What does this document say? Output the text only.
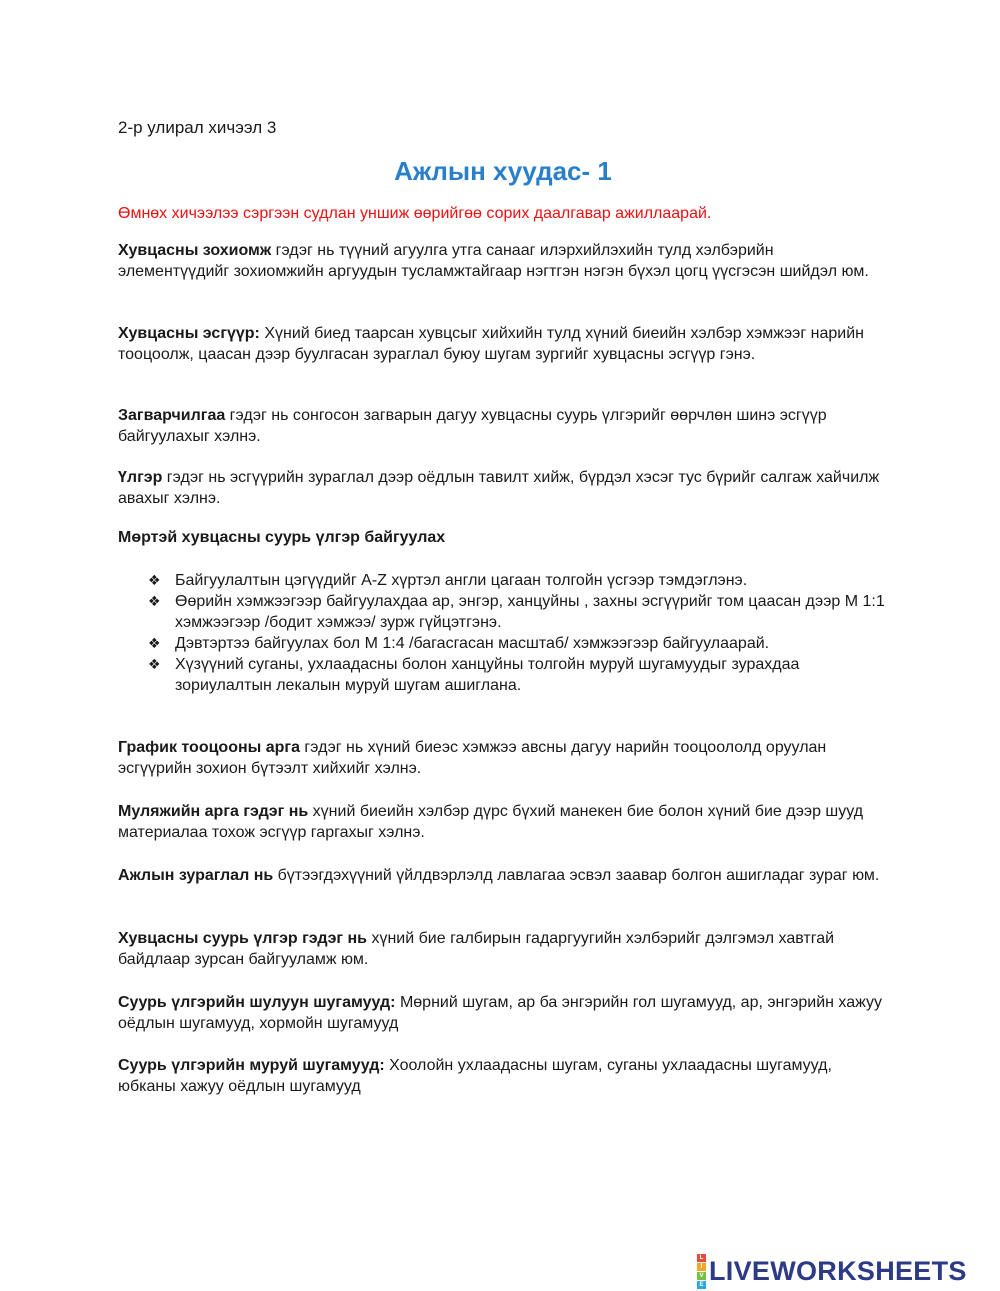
2-р улирал хичээл 3
Ажлын хуудас- 1
Өмнөх хичээлээ сэргээн судлан уншиж өөрийгөө сорих даалгавар ажиллаарай.
Хувцасны зохиомж гэдэг нь түүний агуулга утга санааг илэрхийлэхийн тулд хэлбэрийн элементүүдийг зохиомжийн аргуудын тусламжтайгаар нэгтгэн нэгэн бүхэл цогц үүсгэсэн шийдэл юм.
Хувцасны эсгүүр: Хүний биед таарсан хувцсыг хийхийн тулд хүний биеийн хэлбэр хэмжээг нарийн тооцоолж, цаасан дээр буулгасан зураглал буюу шугам зургийг хувцасны эсгүүр гэнэ.
Загварчилгаа гэдэг нь сонгосон загварын дагуу хувцасны суурь үлгэрийг өөрчлөн шинэ эсгүүр байгуулахыг хэлнэ.
Үлгэр гэдэг нь эсгүүрийн зураглал дээр оёдлын тавилт хийж, бүрдэл хэсэг тус бүрийг салгаж хайчилж авахыг хэлнэ.
Мөртэй хувцасны суурь үлгэр байгуулах
❖ Байгуулалтын цэгүүдийг A-Z хүртэл англи цагаан толгойн үсгээр тэмдэглэнэ.
❖ Өөрийн хэмжээгээр байгуулахдаа ар, энгэр, ханцуйны , захны эсгүүрийг том цаасан дээр М 1:1 хэмжээгээр /бодит хэмжээ/ зурж гүйцэтгэнэ.
❖ Дэвтэртээ байгуулах бол М 1:4 /багасгасан масштаб/ хэмжээгээр байгуулаарай.
❖ Хүзүүний суганы, ухлаадасны болон ханцуйны толгойн муруй шугамуудыг зурахдаа зориулалтын лекалын муруй шугам ашиглана.
График тооцооны арга гэдэг нь хүний биеэс хэмжээ авсны дагуу нарийн тооцоололд оруулан эсгүүрийн зохион бүтээлт хийхийг хэлнэ.
Муляжийн арга гэдэг нь хүний биеийн хэлбэр дүрс бүхий манекен бие болон хүний бие дээр шууд материалаа тохож эсгүүр гаргахыг хэлнэ.
Ажлын зураглал нь бүтээгдэхүүний үйлдвэрлэлд лавлагаа эсвэл заавар болгон ашигладаг зураг юм.
Хувцасны суурь үлгэр гэдэг нь хүний бие галбирын гадаргуугийн хэлбэрийг дэлгэмэл хавтгай байдлаар зурсан байгууламж юм.
Суурь үлгэрийн шулуун шугамууд: Мөрний шугам, ар ба энгэрийн гол шугамууд, ар, энгэрийн хажуу оёдлын шугамууд, хормойн шугамууд
Суурь үлгэрийн муруй шугамууд: Хоолойн ухлаадасны шугам, суганы ухлаадасны шугамууд, юбканы хажуу оёдлын шугамууд
L
I
V
E LIVEWORKSHEETS
